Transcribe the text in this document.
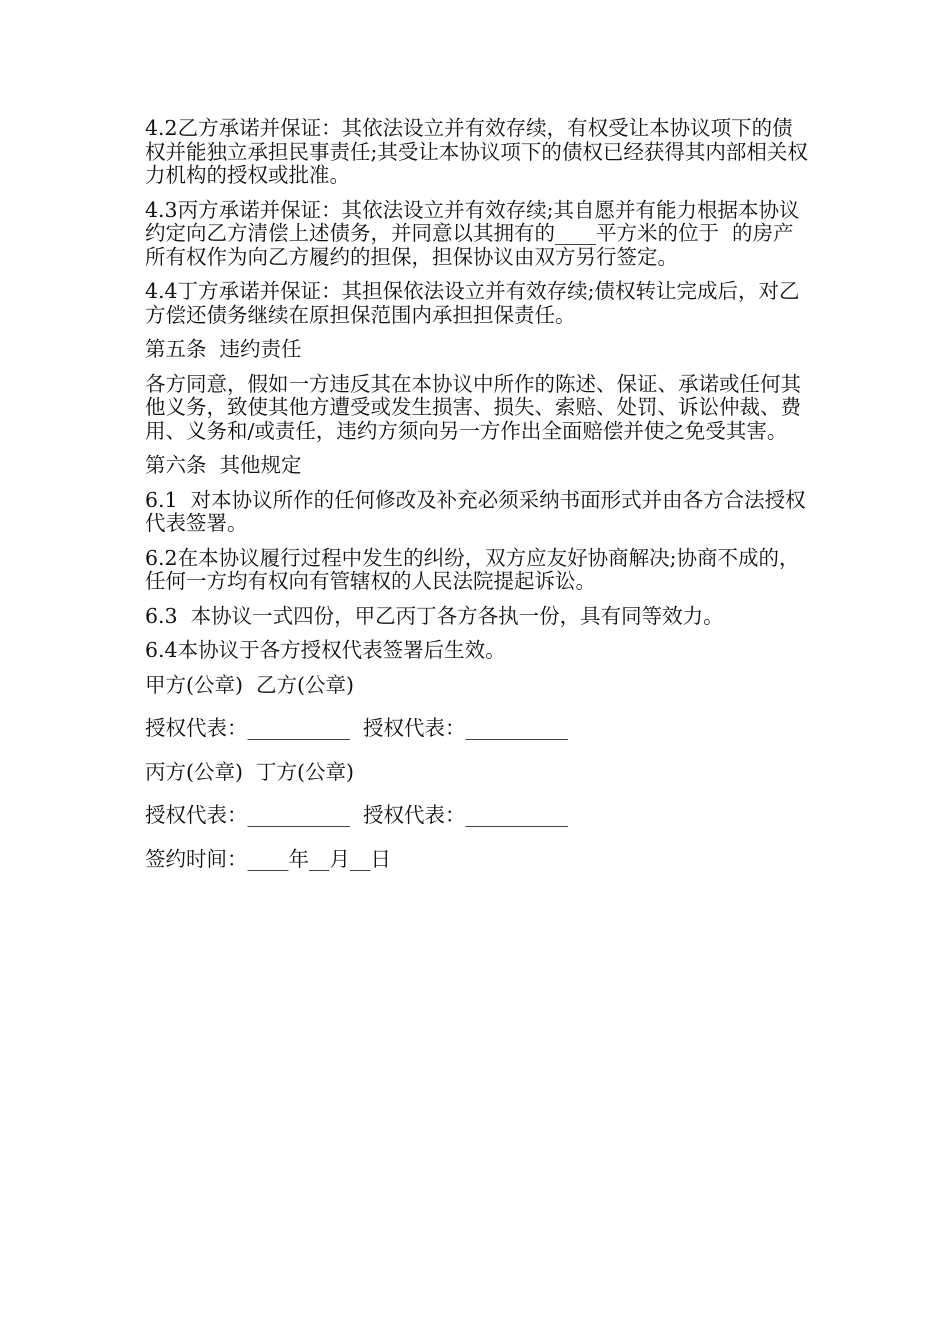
4.2乙方承诺并保证：其依法设立并有效存续，有权受让本协议项下的债权并能独立承担民事责任;其受让本协议项下的债权已经获得其内部相关权力机构的授权或批准。

4.3丙方承诺并保证：其依法设立并有效存续;其自愿并有能力根据本协议约定向乙方清偿上述债务，并同意以其拥有的____平方米的位于  的房产所有权作为向乙方履约的担保，担保协议由双方另行签定。

4.4丁方承诺并保证：其担保依法设立并有效存续;债权转让完成后，对乙方偿还债务继续在原担保范围内承担担保责任。

第五条  违约责任

各方同意，假如一方违反其在本协议中所作的陈述、保证、承诺或任何其他义务，致使其他方遭受或发生损害、损失、索赔、处罚、诉讼仲裁、费用、义务和/或责任，违约方须向另一方作出全面赔偿并使之免受其害。

第六条  其他规定

6.1  对本协议所作的任何修改及补充必须采纳书面形式并由各方合法授权代表签署。

6.2在本协议履行过程中发生的纠纷，双方应友好协商解决;协商不成的，任何一方均有权向有管辖权的人民法院提起诉讼。

6.3  本协议一式四份，甲乙丙丁各方各执一份，具有同等效力。

6.4本协议于各方授权代表签署后生效。

甲方(公章)  乙方(公章)

授权代表：__________  授权代表：__________

丙方(公章)  丁方(公章)

授权代表：__________  授权代表：__________

签约时间：____年__月__日
